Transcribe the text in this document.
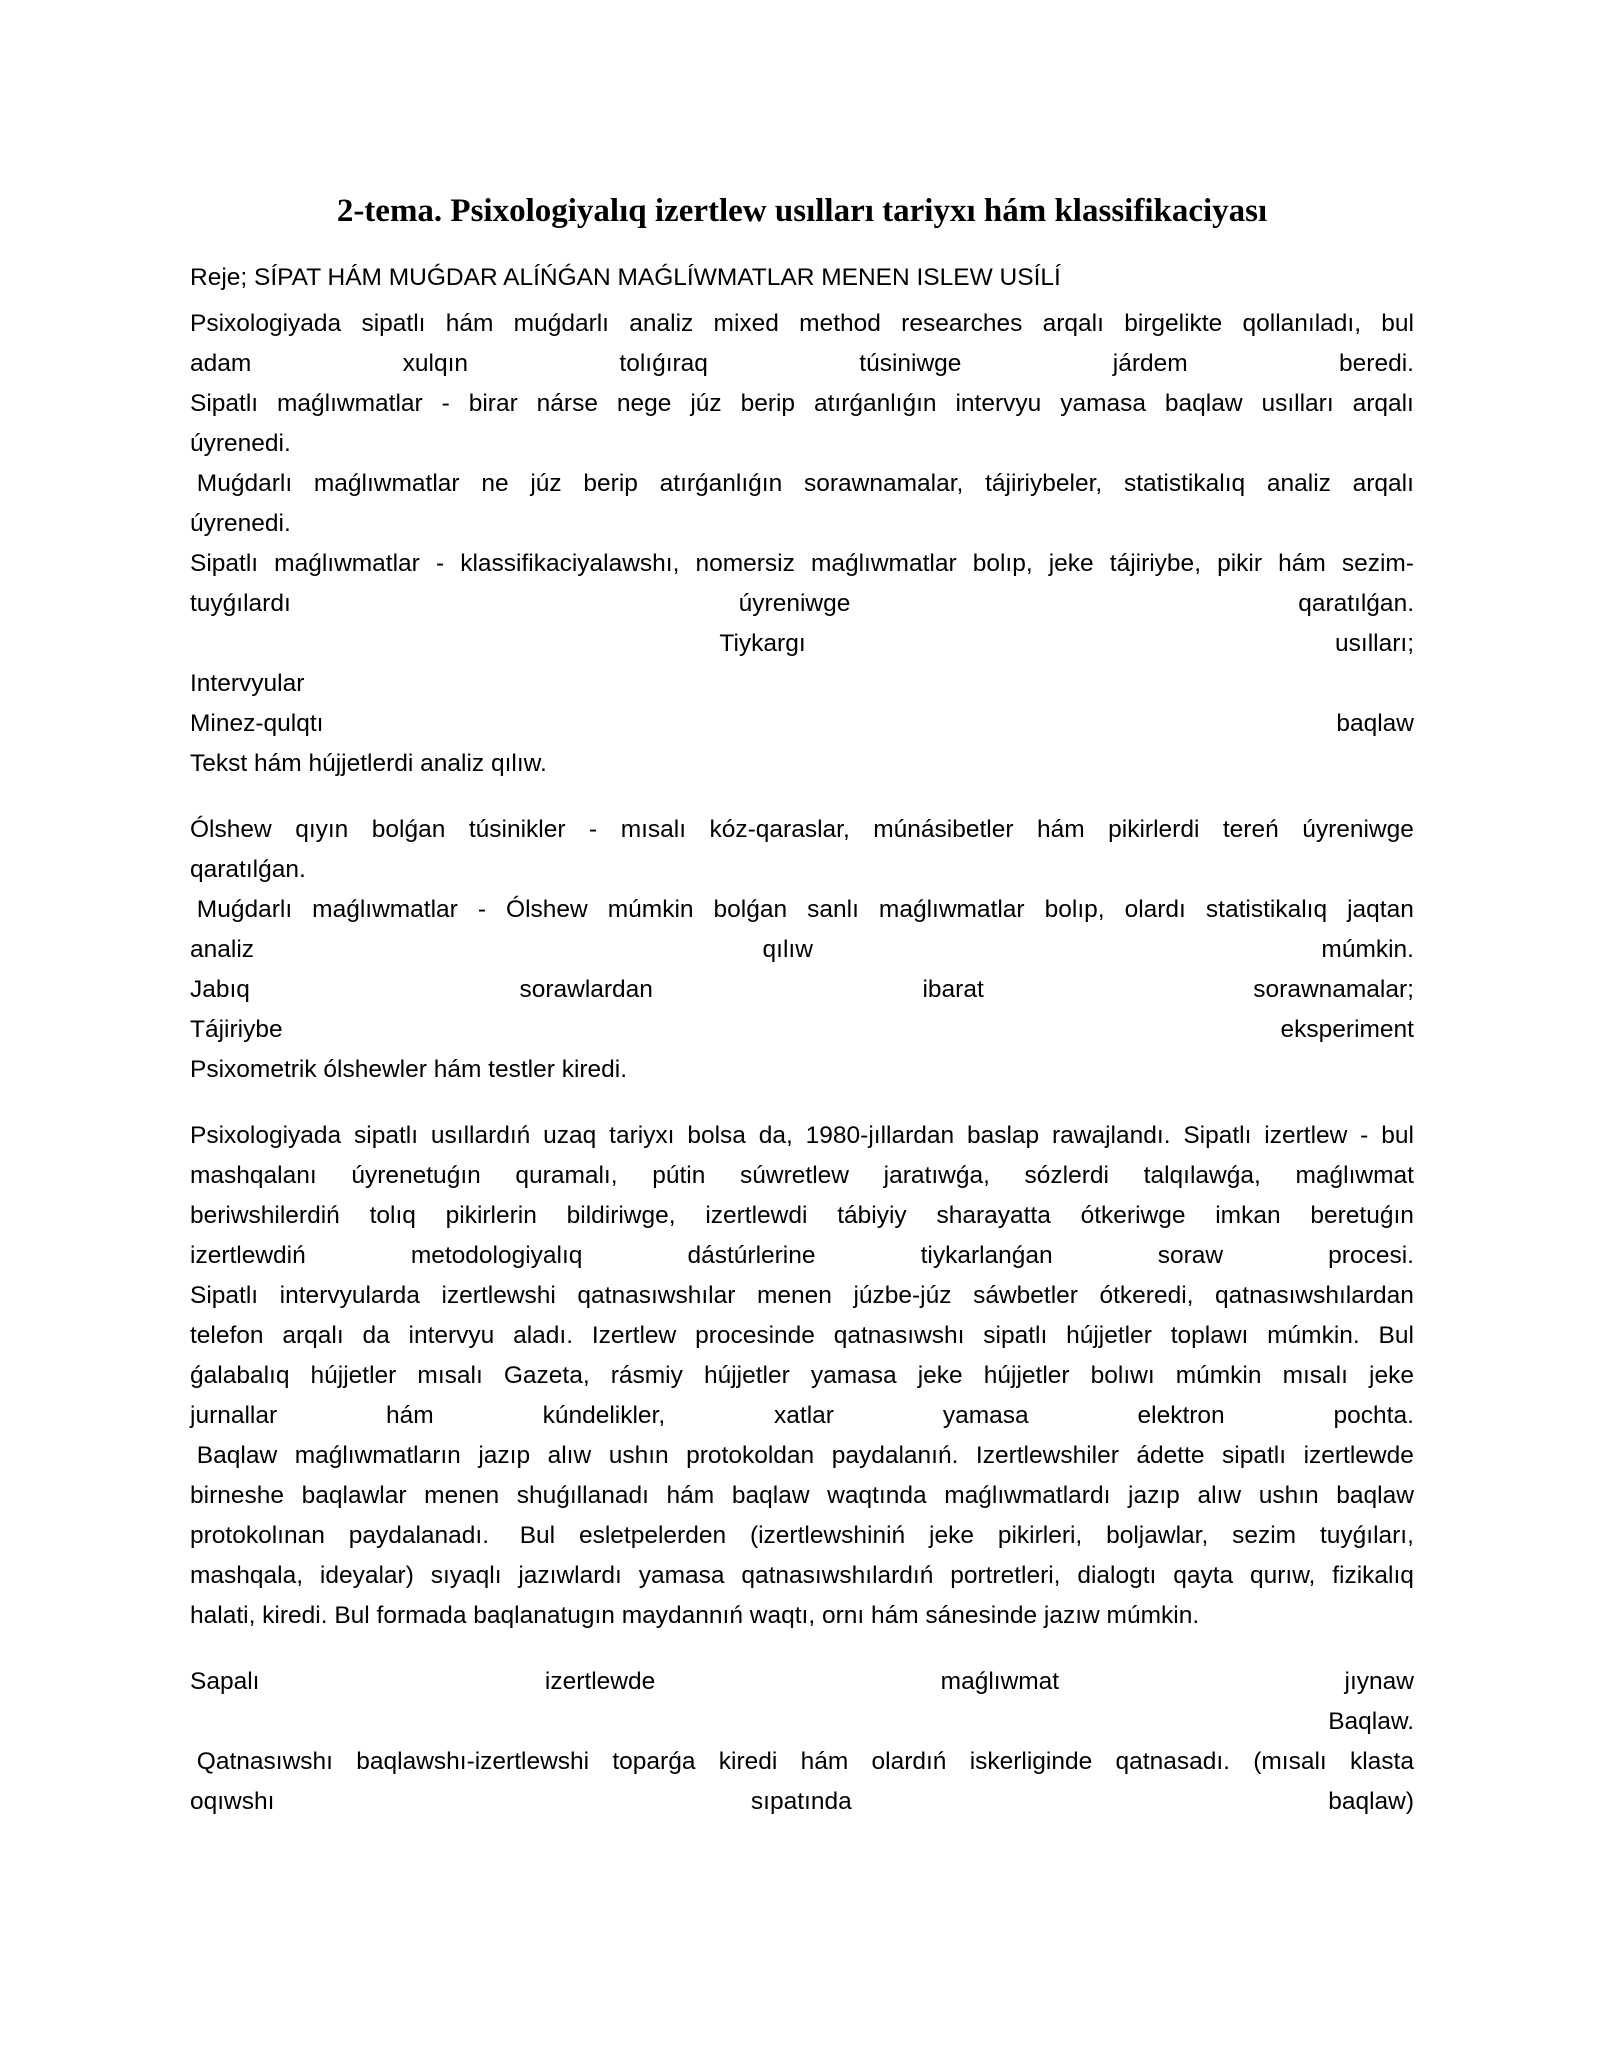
2-tema. Psixologiyalıq izertlew usılları tariyxı hám klassifikaciyası

Reje; SÍPAT HÁM MUǴDAR ALÍŃǴAN MAǴLÍWMATLAR MENEN ISLEW USÍLÍ

Psixologiyada sipatlı hám muǵdarlı analiz mixed method researches arqalı birgelikte qollanıladı, bul
adam	xulqın	tolıǵıraq	túsiniwge	járdem	beredi.
Sipatlı maǵlıwmatlar - birar nárse nege júz berip atırǵanlıǵın intervyu yamasa baqlaw usılları arqalı
úyrenedi.
Muǵdarlı maǵlıwmatlar ne júz berip atırǵanlıǵın sorawnamalar, tájiriybeler, statistikalıq analiz arqalı
úyrenedi.
Sipatlı maǵlıwmatlar - klassifikaciyalawshı, nomersiz maǵlıwmatlar bolıp, jeke tájiriybe, pikir hám sezim-
tuyǵılardı	úyreniwge	qaratılǵan.
Tiykargı	usılları;
Intervyular
Minez-qulqtı	baqlaw
Tekst hám hújjetlerdi analiz qılıw.
Ólshew qıyın bolǵan túsinikler - mısalı kóz-qaraslar, múnásibetler hám pikirlerdi tereń úyreniwge
qaratılǵan.
Muǵdarlı maǵlıwmatlar - Ólshew múmkin bolǵan sanlı maǵlıwmatlar bolıp, olardı statistikalıq jaqtan
analiz	qılıw	múmkin.
Jabıq	sorawlardan	ibarat	sorawnamalar;
Tájiriybe	eksperiment
Psixometrik ólshewler hám testler kiredi.
Psixologiyada sipatlı usıllardıń uzaq tariyxı bolsa da, 1980-jıllardan baslap rawajlandı. Sipatlı izertlew - bul
mashqalanı úyrenetuǵın quramalı, pútin súwretlew jaratıwǵa, sózlerdi talqılawǵa, maǵlıwmat
beriwshilerdiń tolıq pikirlerin bildiriwge, izertlewdi tábiyiy sharayatta ótkeriwge imkan beretuǵın
izertlewdiń	metodologiyalıq	dástúrlerine	tiykarlanǵan	soraw	procesi.
Sipatlı intervyularda izertlewshi qatnasıwshılar menen júzbe-júz sáwbetler ótkeredi, qatnasıwshılardan
telefon arqalı da intervyu aladı. Izertlew procesinde qatnasıwshı sipatlı hújjetler toplawı múmkin. Bul
ǵalabalıq hújjetler mısalı Gazeta, rásmiy hújjetler yamasa jeke hújjetler bolıwı múmkin mısalı jeke
jurnallar	hám	kúndelikler,	xatlar	yamasa	elektron	pochta.
Baqlaw maǵlıwmatların jazıp alıw ushın protokoldan paydalanıń. Izertlewshiler ádette sipatlı izertlewde
birneshe baqlawlar menen shuǵıllanadı hám baqlaw waqtında maǵlıwmatlardı jazıp alıw ushın baqlaw
protokolınan paydalanadı. Bul esletpelerden (izertlewshiniń jeke pikirleri, boljawlar, sezim tuyǵıları,
mashqala, ideyalar) sıyaqlı jazıwlardı yamasa qatnasıwshılardıń portretleri, dialogtı qayta qurıw, fizikalıq
halati, kiredi. Bul formada baqlanatugın maydannıń waqtı, ornı hám sánesinde jazıw múmkin.
Sapalı	izertlewde	maǵlıwmat	jıynaw
Baqlaw.
Qatnasıwshı baqlawshı-izertlewshi toparǵa kiredi hám olardıń iskerliginde qatnasadı. (mısalı klasta
oqıwshı	sıpatında	baqlaw)
